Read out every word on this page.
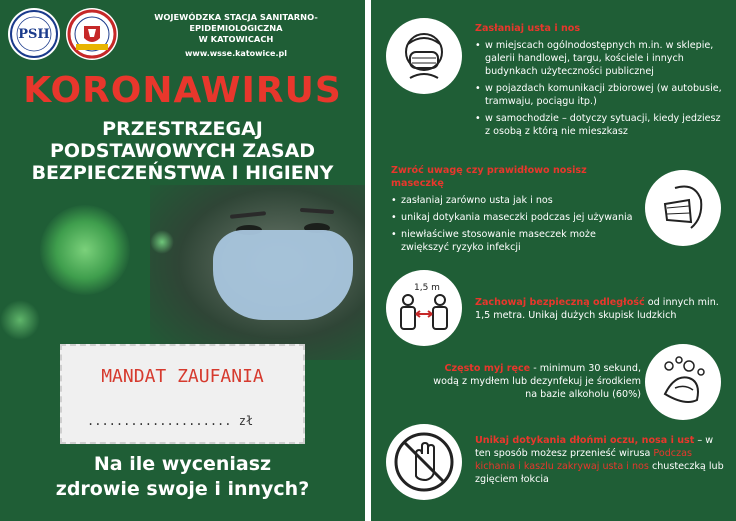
PSH
WOJEWÓDZKA STACJA SANITARNO-EPIDEMIOLOGICZNA
W KATOWICACH
www.wsse.katowice.pl
KORONAWIRUS
PRZESTRZEGAJ
PODSTAWOWYCH ZASAD
BEZPIECZEŃSTWA I HIGIENY
MANDAT ZAUFANIA
.................... zł
Na ile wyceniasz
zdrowie swoje i innych?
Zasłaniaj usta i nos
• w miejscach ogólnodostępnych m.in. w sklepie, galerii handlowej, targu, kościele i innych budynkach użyteczności publicznej
• w pojazdach komunikacji zbiorowej (w autobusie, tramwaju, pociągu itp.)
• w samochodzie – dotyczy sytuacji, kiedy jedziesz z osobą z którą nie mieszkasz
Zwróć uwagę czy prawidłowo nosisz maseczkę
• zasłaniaj zarówno usta jak i nos
• unikaj dotykania maseczki podczas jej używania
• niewłaściwe stosowanie maseczek może zwiększyć ryzyko infekcji
1,5 m
Zachowaj bezpieczną odległość od innych min. 1,5 metra. Unikaj dużych skupisk ludzkich
Często myj ręce - minimum 30 sekund, wodą z mydłem lub dezynfekuj je środkiem na bazie alkoholu (60%)
Unikaj dotykania dłońmi oczu, nosa i ust – w ten sposób możesz przenieść wirusa Podczas kichania i kaszlu zakrywaj usta i nos chusteczką lub zgięciem łokcia
